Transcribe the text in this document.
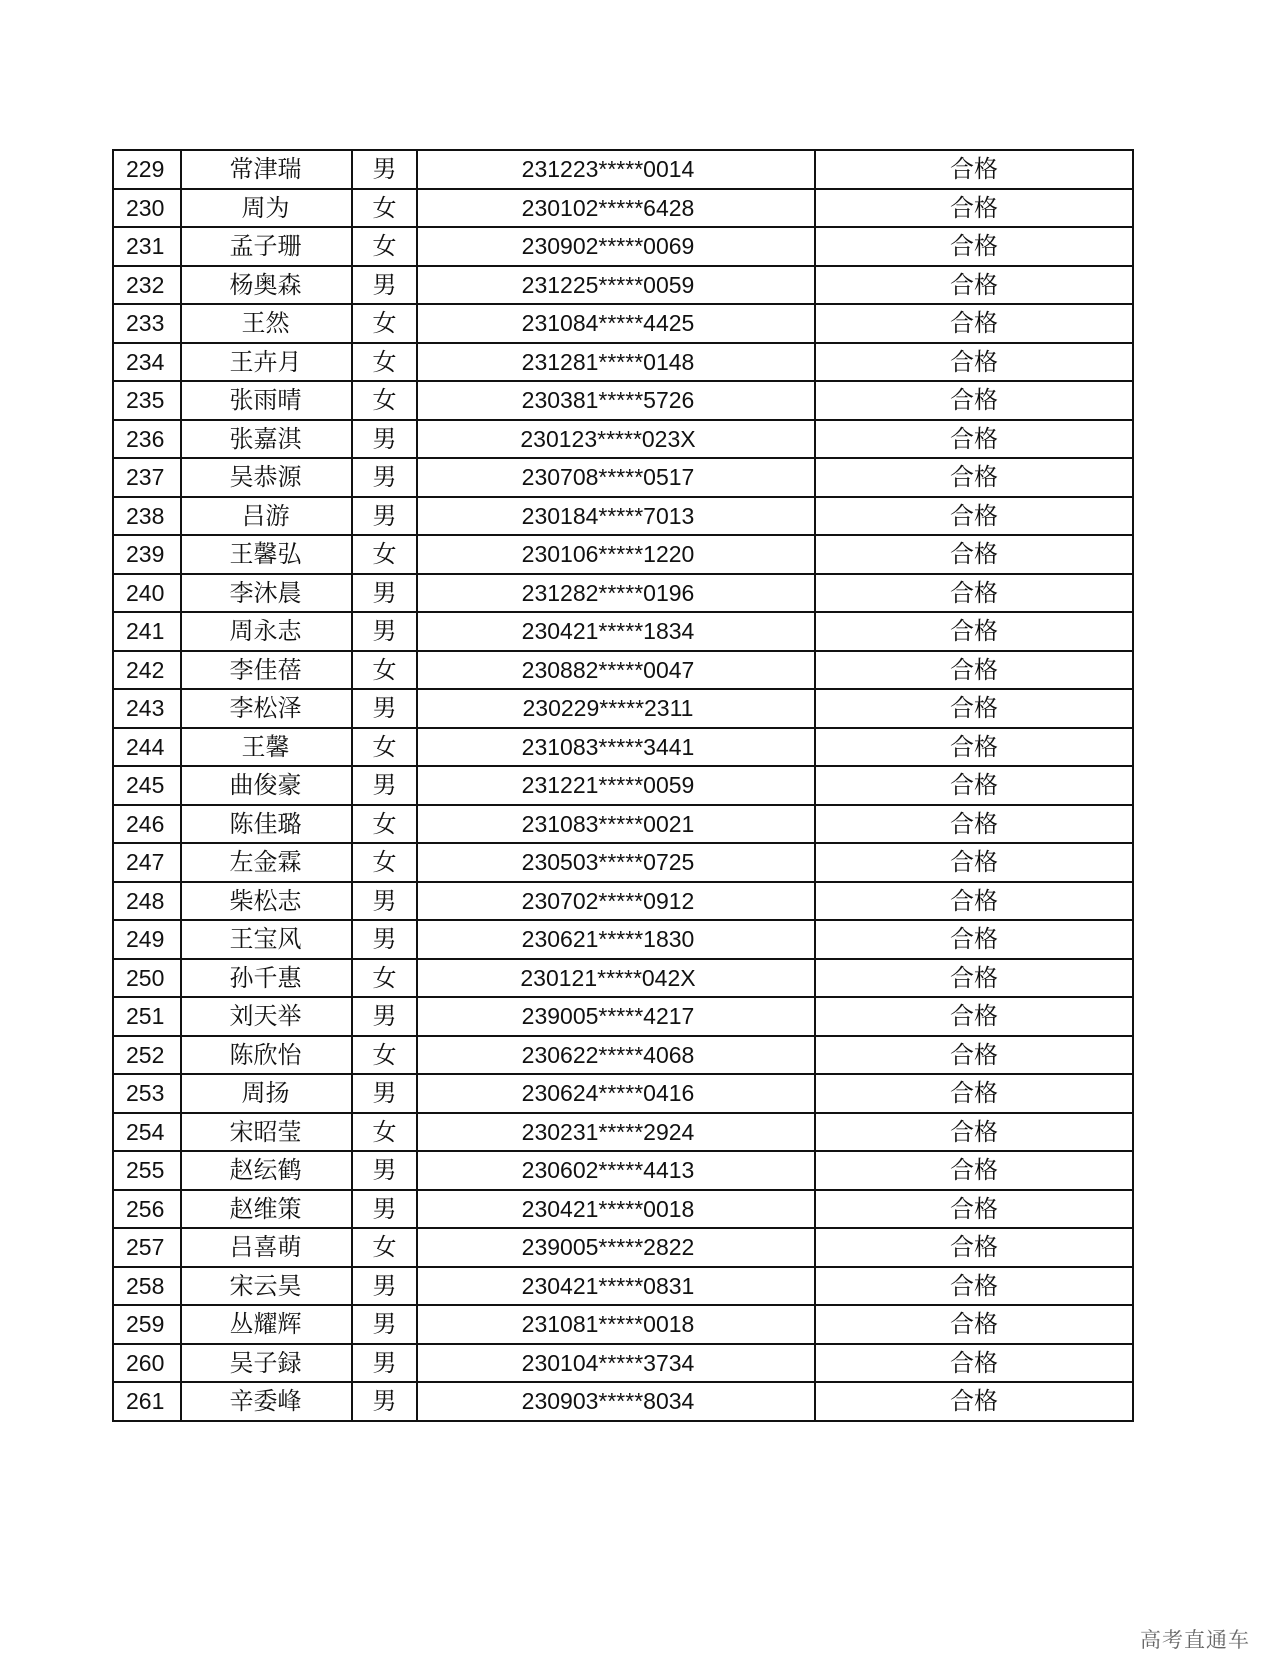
229	常津瑞	男	231223*****0014	合格
230	周为	女	230102*****6428	合格
231	孟子珊	女	230902*****0069	合格
232	杨奥森	男	231225*****0059	合格
233	王然	女	231084*****4425	合格
234	王卉月	女	231281*****0148	合格
235	张雨晴	女	230381*****5726	合格
236	张嘉淇	男	230123*****023X	合格
237	吴恭源	男	230708*****0517	合格
238	吕游	男	230184*****7013	合格
239	王馨弘	女	230106*****1220	合格
240	李沐晨	男	231282*****0196	合格
241	周永志	男	230421*****1834	合格
242	李佳蓓	女	230882*****0047	合格
243	李松泽	男	230229*****2311	合格
244	王馨	女	231083*****3441	合格
245	曲俊豪	男	231221*****0059	合格
246	陈佳璐	女	231083*****0021	合格
247	左金霖	女	230503*****0725	合格
248	柴松志	男	230702*****0912	合格
249	王宝风	男	230621*****1830	合格
250	孙千惠	女	230121*****042X	合格
251	刘天举	男	239005*****4217	合格
252	陈欣怡	女	230622*****4068	合格
253	周扬	男	230624*****0416	合格
254	宋昭莹	女	230231*****2924	合格
255	赵纭鹤	男	230602*****4413	合格
256	赵维策	男	230421*****0018	合格
257	吕喜萌	女	239005*****2822	合格
258	宋云昊	男	230421*****0831	合格
259	丛耀辉	男	231081*****0018	合格
260	吴子録	男	230104*****3734	合格
261	辛委峰	男	230903*****8034	合格
高考直通车
